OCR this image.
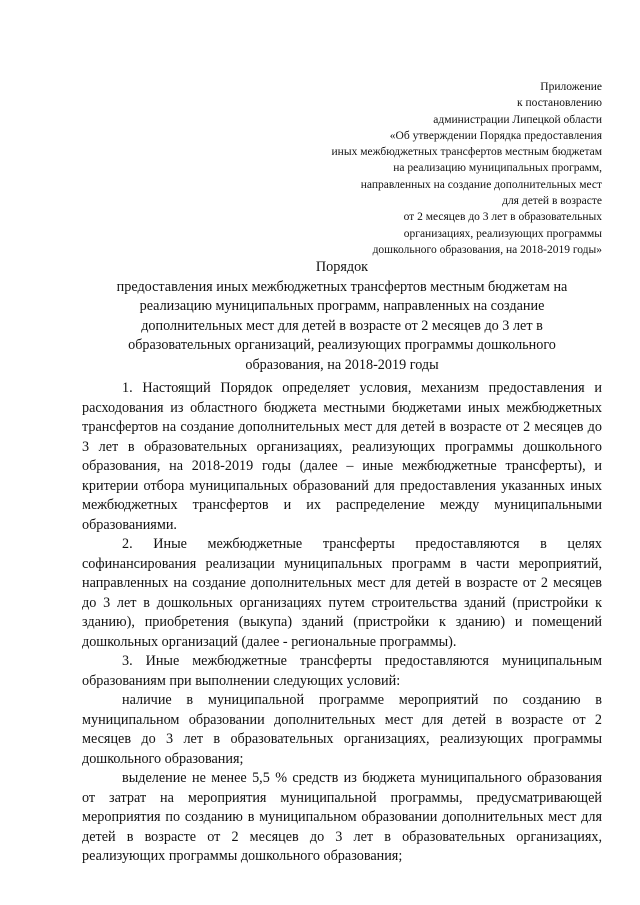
Приложение
к постановлению
администрации Липецкой области
«Об утверждении Порядка предоставления
иных межбюджетных трансфертов местным бюджетам
на реализацию муниципальных программ,
направленных на создание дополнительных мест
для детей в возрасте
от 2 месяцев до 3 лет в образовательных
организациях, реализующих программы
дошкольного образования, на 2018-2019 годы»
Порядок
предоставления иных межбюджетных трансфертов местным бюджетам на
реализацию муниципальных программ, направленных на создание
дополнительных мест для детей в возрасте от 2 месяцев до 3 лет в
образовательных организаций, реализующих программы дошкольного
образования, на 2018-2019 годы

1. Настоящий Порядок определяет условия, механизм предоставления и расходования из областного бюджета местными бюджетами иных межбюджетных трансфертов на создание дополнительных мест для детей в возрасте от 2 месяцев до 3 лет в образовательных организациях, реализующих программы дошкольного образования, на 2018-2019 годы (далее – иные межбюджетные трансферты), и критерии отбора муниципальных образований для предоставления указанных иных межбюджетных трансфертов и их распределение между муниципальными образованиями.

2. Иные межбюджетные трансферты предоставляются в целях софинансирования реализации муниципальных программ в части мероприятий, направленных на создание дополнительных мест для детей в возрасте от 2 месяцев до 3 лет в дошкольных организациях путем строительства зданий (пристройки к зданию), приобретения (выкупа) зданий (пристройки к зданию) и помещений дошкольных организаций (далее - региональные программы).

3. Иные межбюджетные трансферты предоставляются муниципальным образованиям при выполнении следующих условий:

наличие в муниципальной программе мероприятий по созданию в муниципальном образовании дополнительных мест для детей в возрасте от 2 месяцев до 3 лет в образовательных организациях, реализующих программы дошкольного образования;

выделение не менее 5,5 % средств из бюджета муниципального образования от затрат на мероприятия муниципальной программы, предусматривающей мероприятия по созданию в муниципальном образовании дополнительных мест для детей в возрасте от 2 месяцев до 3 лет в образовательных организациях, реализующих программы дошкольного образования;
